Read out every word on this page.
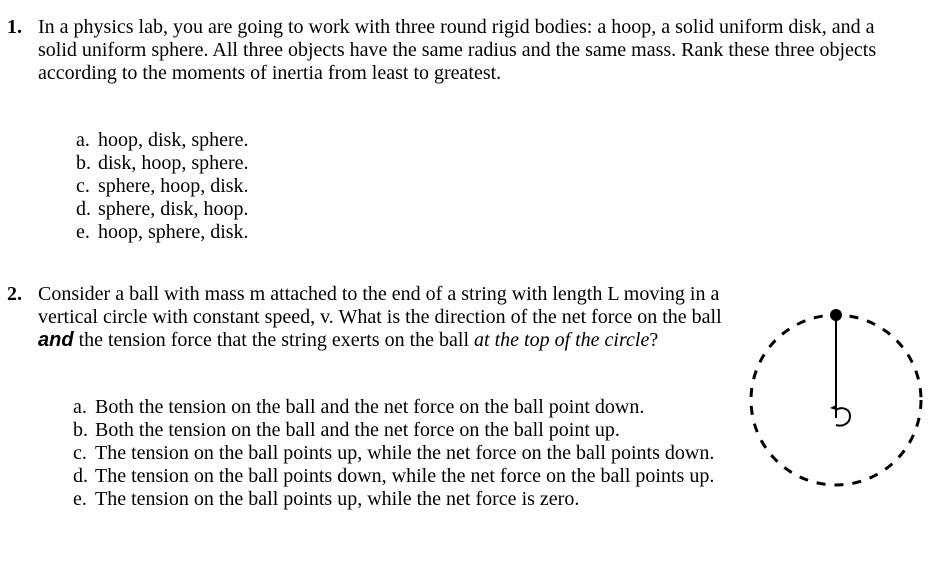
1. In a physics lab, you are going to work with three round rigid bodies: a hoop, a solid uniform disk, and a solid uniform sphere. All three objects have the same radius and the same mass. Rank these three objects according to the moments of inertia from least to greatest.

a. hoop, disk, sphere.
b. disk, hoop, sphere.
c. sphere, hoop, disk.
d. sphere, disk, hoop.
e. hoop, sphere, disk.
2. Consider a ball with mass m attached to the end of a string with length L moving in a vertical circle with constant speed, v. What is the direction of the net force on the ball and the tension force that the string exerts on the ball at the top of the circle?

a. Both the tension on the ball and the net force on the ball point down.
b. Both the tension on the ball and the net force on the ball point up.
c. The tension on the ball points up, while the net force on the ball points down.
d. The tension on the ball points down, while the net force on the ball points up.
e. The tension on the ball points up, while the net force is zero.
